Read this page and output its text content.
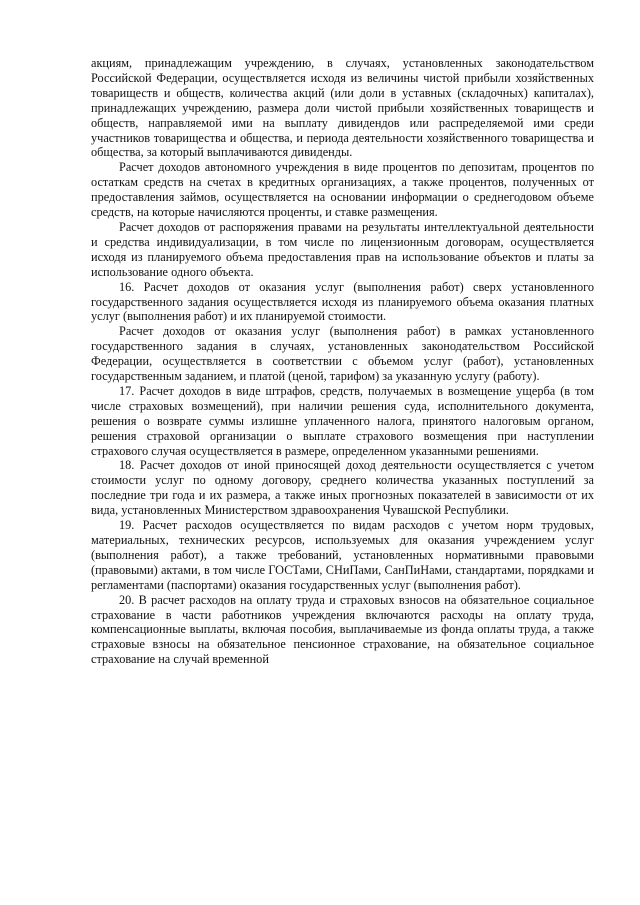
акциям, принадлежащим учреждению, в случаях, установленных законодательством Российской Федерации, осуществляется исходя из величины чистой прибыли хозяйственных товариществ и обществ, количества акций (или доли в уставных (складочных) капиталах), принадлежащих учреждению, размера доли чистой прибыли хозяйственных товариществ и обществ, направляемой ими на выплату дивидендов или распределяемой ими среди участников товарищества и общества, и периода деятельности хозяйственного товарищества и общества, за который выплачиваются дивиденды.

Расчет доходов автономного учреждения в виде процентов по депозитам, процентов по остаткам средств на счетах в кредитных организациях, а также процентов, полученных от предоставления займов, осуществляется на основании информации о среднегодовом объеме средств, на которые начисляются проценты, и ставке размещения.

Расчет доходов от распоряжения правами на результаты интеллектуальной деятельности и средства индивидуализации, в том числе по лицензионным договорам, осуществляется исходя из планируемого объема предоставления прав на использование объектов и платы за использование одного объекта.

16. Расчет доходов от оказания услуг (выполнения работ) сверх установленного государственного задания осуществляется исходя из планируемого объема оказания платных услуг (выполнения работ) и их планируемой стоимости.

Расчет доходов от оказания услуг (выполнения работ) в рамках установленного государственного задания в случаях, установленных законодательством Российской Федерации, осуществляется в соответствии с объемом услуг (работ), установленных государственным заданием, и платой (ценой, тарифом) за указанную услугу (работу).

17. Расчет доходов в виде штрафов, средств, получаемых в возмещение ущерба (в том числе страховых возмещений), при наличии решения суда, исполнительного документа, решения о возврате суммы излишне уплаченного налога, принятого налоговым органом, решения страховой организации о выплате страхового возмещения при наступлении страхового случая осуществляется в размере, определенном указанными решениями.

18. Расчет доходов от иной приносящей доход деятельности осуществляется с учетом стоимости услуг по одному договору, среднего количества указанных поступлений за последние три года и их размера, а также иных прогнозных показателей в зависимости от их вида, установленных Министерством здравоохранения Чувашской Республики.

19. Расчет расходов осуществляется по видам расходов с учетом норм трудовых, материальных, технических ресурсов, используемых для оказания учреждением услуг (выполнения работ), а также требований, установленных нормативными правовыми (правовыми) актами, в том числе ГОСТами, СНиПами, СанПиНами, стандартами, порядками и регламентами (паспортами) оказания государственных услуг (выполнения работ).

20. В расчет расходов на оплату труда и страховых взносов на обязательное социальное страхование в части работников учреждения включаются расходы на оплату труда, компенсационные выплаты, включая пособия, выплачиваемые из фонда оплаты труда, а также страховые взносы на обязательное пенсионное страхование, на обязательное социальное страхование на случай временной
